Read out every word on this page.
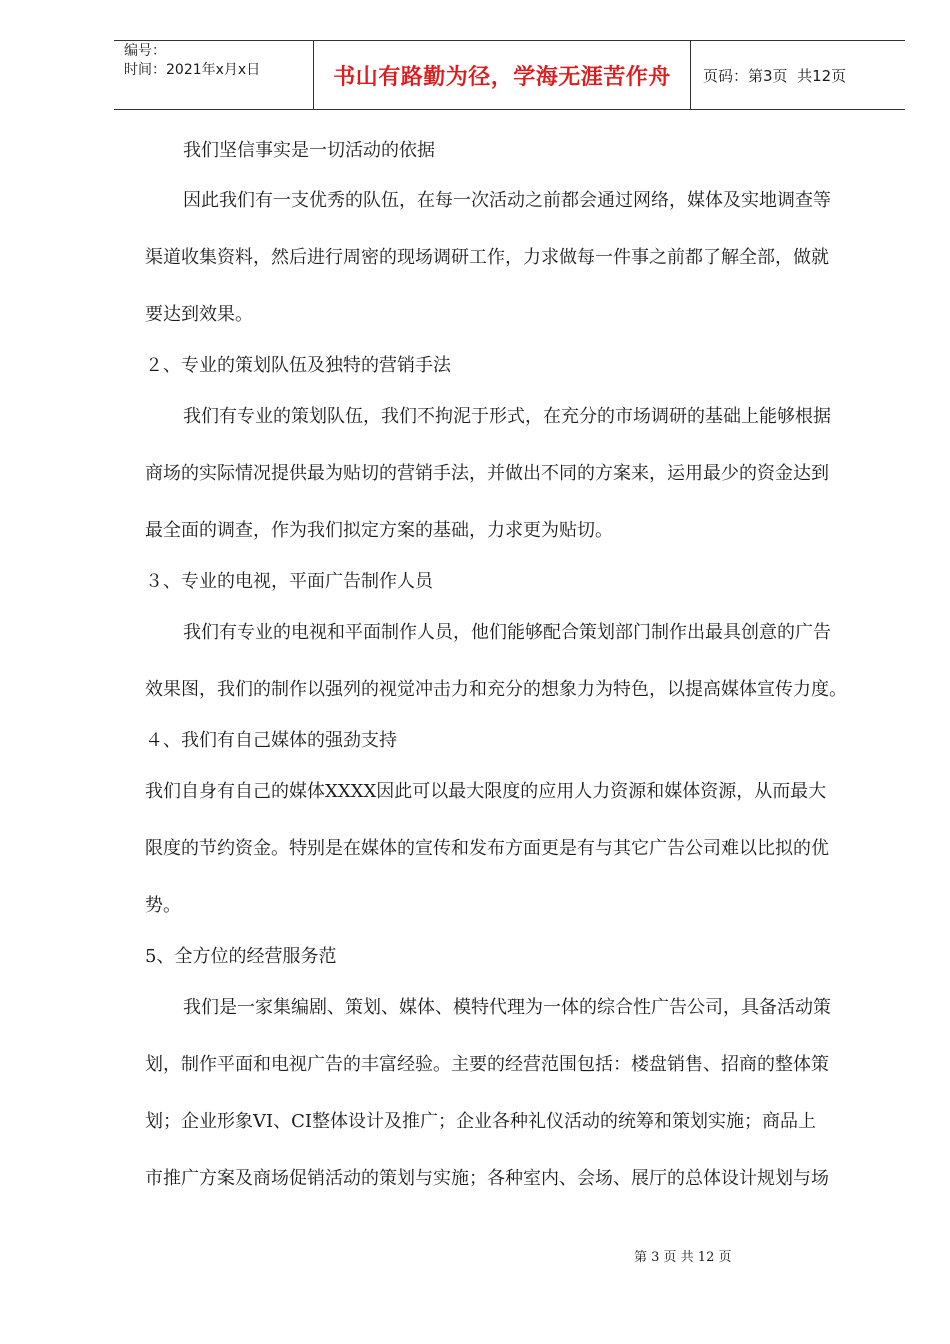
编号：
时间：2021年x月x日	书山有路勤为径，学海无涯苦作舟	页码：第3页  共12页
我们坚信事实是一切活动的依据
因此我们有一支优秀的队伍，在每一次活动之前都会通过网络，媒体及实地调查等
渠道收集资料，然后进行周密的现场调研工作，力求做每一件事之前都了解全部，做就
要达到效果。
２、专业的策划队伍及独特的营销手法
我们有专业的策划队伍，我们不拘泥于形式，在充分的市场调研的基础上能够根据
商场的实际情况提供最为贴切的营销手法，并做出不同的方案来，运用最少的资金达到
最全面的调查，作为我们拟定方案的基础，力求更为贴切。
３、专业的电视，平面广告制作人员
我们有专业的电视和平面制作人员，他们能够配合策划部门制作出最具创意的广告
效果图，我们的制作以强列的视觉冲击力和充分的想象力为特色，以提高媒体宣传力度。
４、我们有自己媒体的强劲支持
我们自身有自己的媒体XXXX因此可以最大限度的应用人力资源和媒体资源，从而最大
限度的节约资金。特别是在媒体的宣传和发布方面更是有与其它广告公司难以比拟的优
势。
5、全方位的经营服务范
我们是一家集编剧、策划、媒体、模特代理为一体的综合性广告公司，具备活动策
划，制作平面和电视广告的丰富经验。主要的经营范围包括：楼盘销售、招商的整体策
划；企业形象VI、CI整体设计及推广；企业各种礼仪活动的统筹和策划实施；商品上
市推广方案及商场促销活动的策划与实施；各种室内、会场、展厅的总体设计规划与场
第 3 页 共 12 页
